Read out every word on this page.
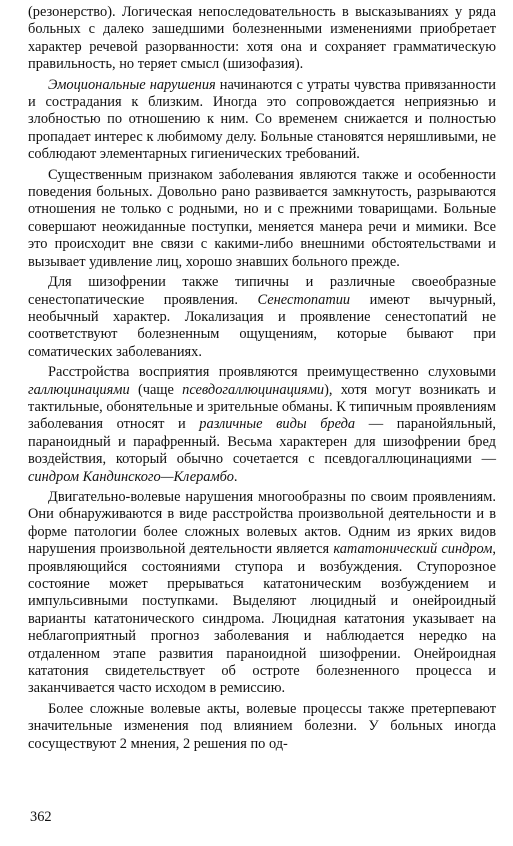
(резонерство). Логическая непоследовательность в высказываниях у ряда больных с далеко зашедшими болезненными изменениями приобретает характер речевой разорванности: хотя она и сохраняет грамматическую правильность, но теряет смысл (шизофазия).

Эмоциональные нарушения начинаются с утраты чувства привязанности и сострадания к близким. Иногда это сопровождается неприязнью и злобностью по отношению к ним. Со временем снижается и полностью пропадает интерес к любимому делу. Больные становятся неряшливыми, не соблюдают элементарных гигиенических требований.

Существенным признаком заболевания являются также и особенности поведения больных. Довольно рано развивается замкнутость, разрываются отношения не только с родными, но и с прежними товарищами. Больные совершают неожиданные поступки, меняется манера речи и мимики. Все это происходит вне связи с какими-либо внешними обстоятельствами и вызывает удивление лиц, хорошо знавших больного прежде.

Для шизофрении также типичны и различные своеобразные сенестопатические проявления. Сенестопатии имеют вычурный, необычный характер. Локализация и проявление сенестопатий не соответствуют болезненным ощущениям, которые бывают при соматических заболеваниях.

Расстройства восприятия проявляются преимущественно слуховыми галлюцинациями (чаще псевдогаллюцинациями), хотя могут возникать и тактильные, обонятельные и зрительные обманы. К типичным проявлениям заболевания относят и различные виды бреда — паранойяльный, параноидный и парафренный. Весьма характерен для шизофрении бред воздействия, который обычно сочетается с псевдогаллюцинациями — синдром Кандинского—Клерамбо.

Двигательно-волевые нарушения многообразны по своим проявлениям. Они обнаруживаются в виде расстройства произвольной деятельности и в форме патологии более сложных волевых актов. Одним из ярких видов нарушения произвольной деятельности является кататонический синдром, проявляющийся состояниями ступора и возбуждения. Ступорозное состояние может прерываться кататоническим возбуждением и импульсивными поступками. Выделяют люцидный и онейроидный варианты кататонического синдрома. Люцидная кататония указывает на неблагоприятный прогноз заболевания и наблюдается нередко на отдаленном этапе развития параноидной шизофрении. Онейроидная кататония свидетельствует об остроте болезненного процесса и заканчивается часто исходом в ремиссию.

Более сложные волевые акты, волевые процессы также претерпевают значительные изменения под влиянием болезни. У больных иногда сосуществуют 2 мнения, 2 решения по од-

362
